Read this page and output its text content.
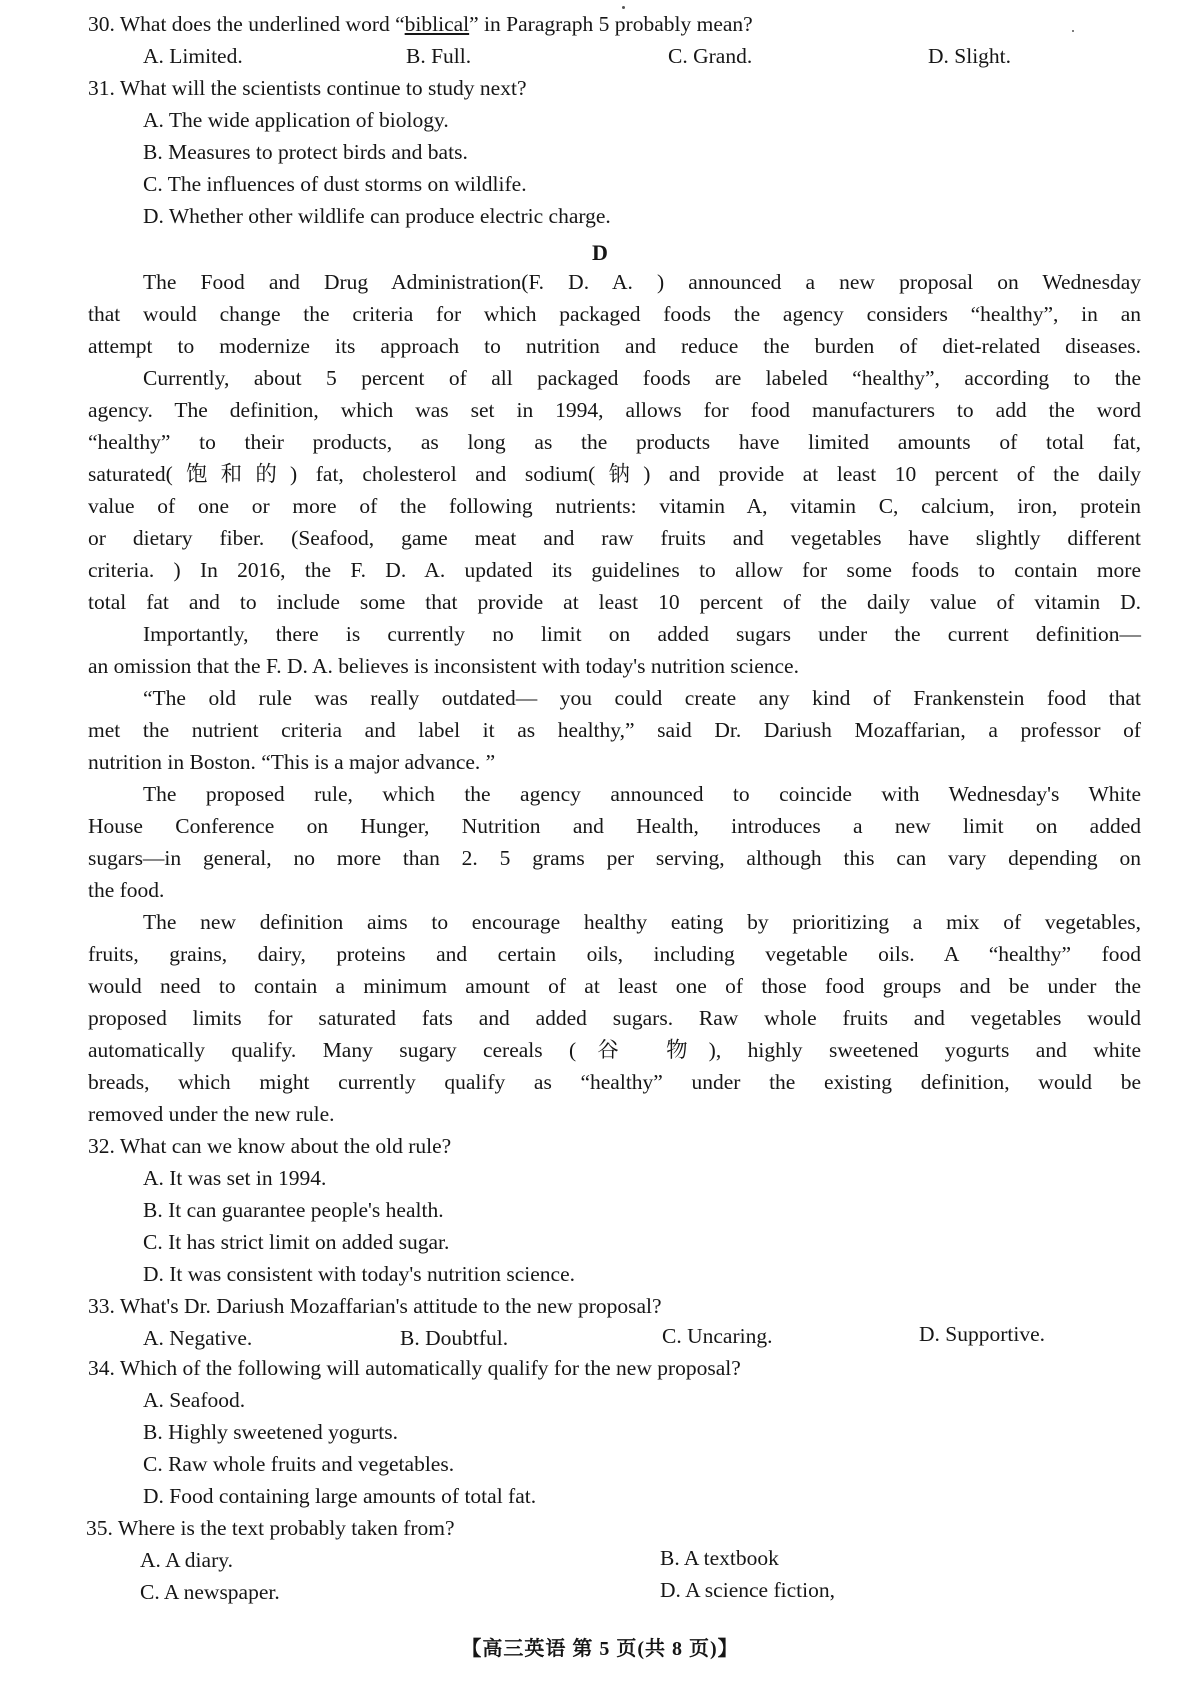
30. What does the underlined word “biblical” in Paragraph 5 probably mean?
A. Limited.	B. Full.	C. Grand.	D. Slight.
31. What will the scientists continue to study next?
A. The wide application of biology.
B. Measures to protect birds and bats.
C. The influences of dust storms on wildlife.
D. Whether other wildlife can produce electric charge.
D
The Food and Drug Administration(F. D. A. ) announced a new proposal on Wednesday
that would change the criteria for which packaged foods the agency considers “healthy”, in an
attempt to modernize its approach to nutrition and reduce the burden of diet-related diseases.
Currently, about 5 percent of all packaged foods are labeled “healthy”, according to the
agency. The definition, which was set in 1994, allows for food manufacturers to add the word
“healthy” to their products, as long as the products have limited amounts of total fat,
saturated(饱和的) fat, cholesterol and sodium(钠) and provide at least 10 percent of the daily
value of one or more of the following nutrients: vitamin A, vitamin C, calcium, iron, protein
or dietary fiber. (Seafood, game meat and raw fruits and vegetables have slightly different
criteria. ) In 2016, the F. D. A. updated its guidelines to allow for some foods to contain more
total fat and to include some that provide at least 10 percent of the daily value of vitamin D.
Importantly, there is currently no limit on added sugars under the current definition—
an omission that the F. D. A. believes is inconsistent with today's nutrition science.
“The old rule was really outdated— you could create any kind of Frankenstein food that
met the nutrient criteria and label it as healthy,” said Dr. Dariush Mozaffarian, a professor of
nutrition in Boston. “This is a major advance. ”
The proposed rule, which the agency announced to coincide with Wednesday's White
House Conference on Hunger, Nutrition and Health, introduces a new limit on added
sugars—in general, no more than 2. 5 grams per serving, although this can vary depending on
the food.
The new definition aims to encourage healthy eating by prioritizing a mix of vegetables,
fruits, grains, dairy, proteins and certain oils, including vegetable oils. A “healthy” food
would need to contain a minimum amount of at least one of those food groups and be under the
proposed limits for saturated fats and added sugars. Raw whole fruits and vegetables would
automatically qualify. Many sugary cereals (谷 物), highly sweetened yogurts and white
breads, which might currently qualify as “healthy” under the existing definition, would be
removed under the new rule.
32. What can we know about the old rule?
A. It was set in 1994.
B. It can guarantee people's health.
C. It has strict limit on added sugar.
D. It was consistent with today's nutrition science.
33. What's Dr. Dariush Mozaffarian's attitude to the new proposal?
A. Negative.	B. Doubtful.	C. Uncaring.	D. Supportive.
34. Which of the following will automatically qualify for the new proposal?
A. Seafood.
B. Highly sweetened yogurts.
C. Raw whole fruits and vegetables.
D. Food containing large amounts of total fat.
35. Where is the text probably taken from?
A. A diary.	B. A textbook
C. A newspaper.	D. A science fiction,
【高三英语 第 5 页(共 8 页)】
